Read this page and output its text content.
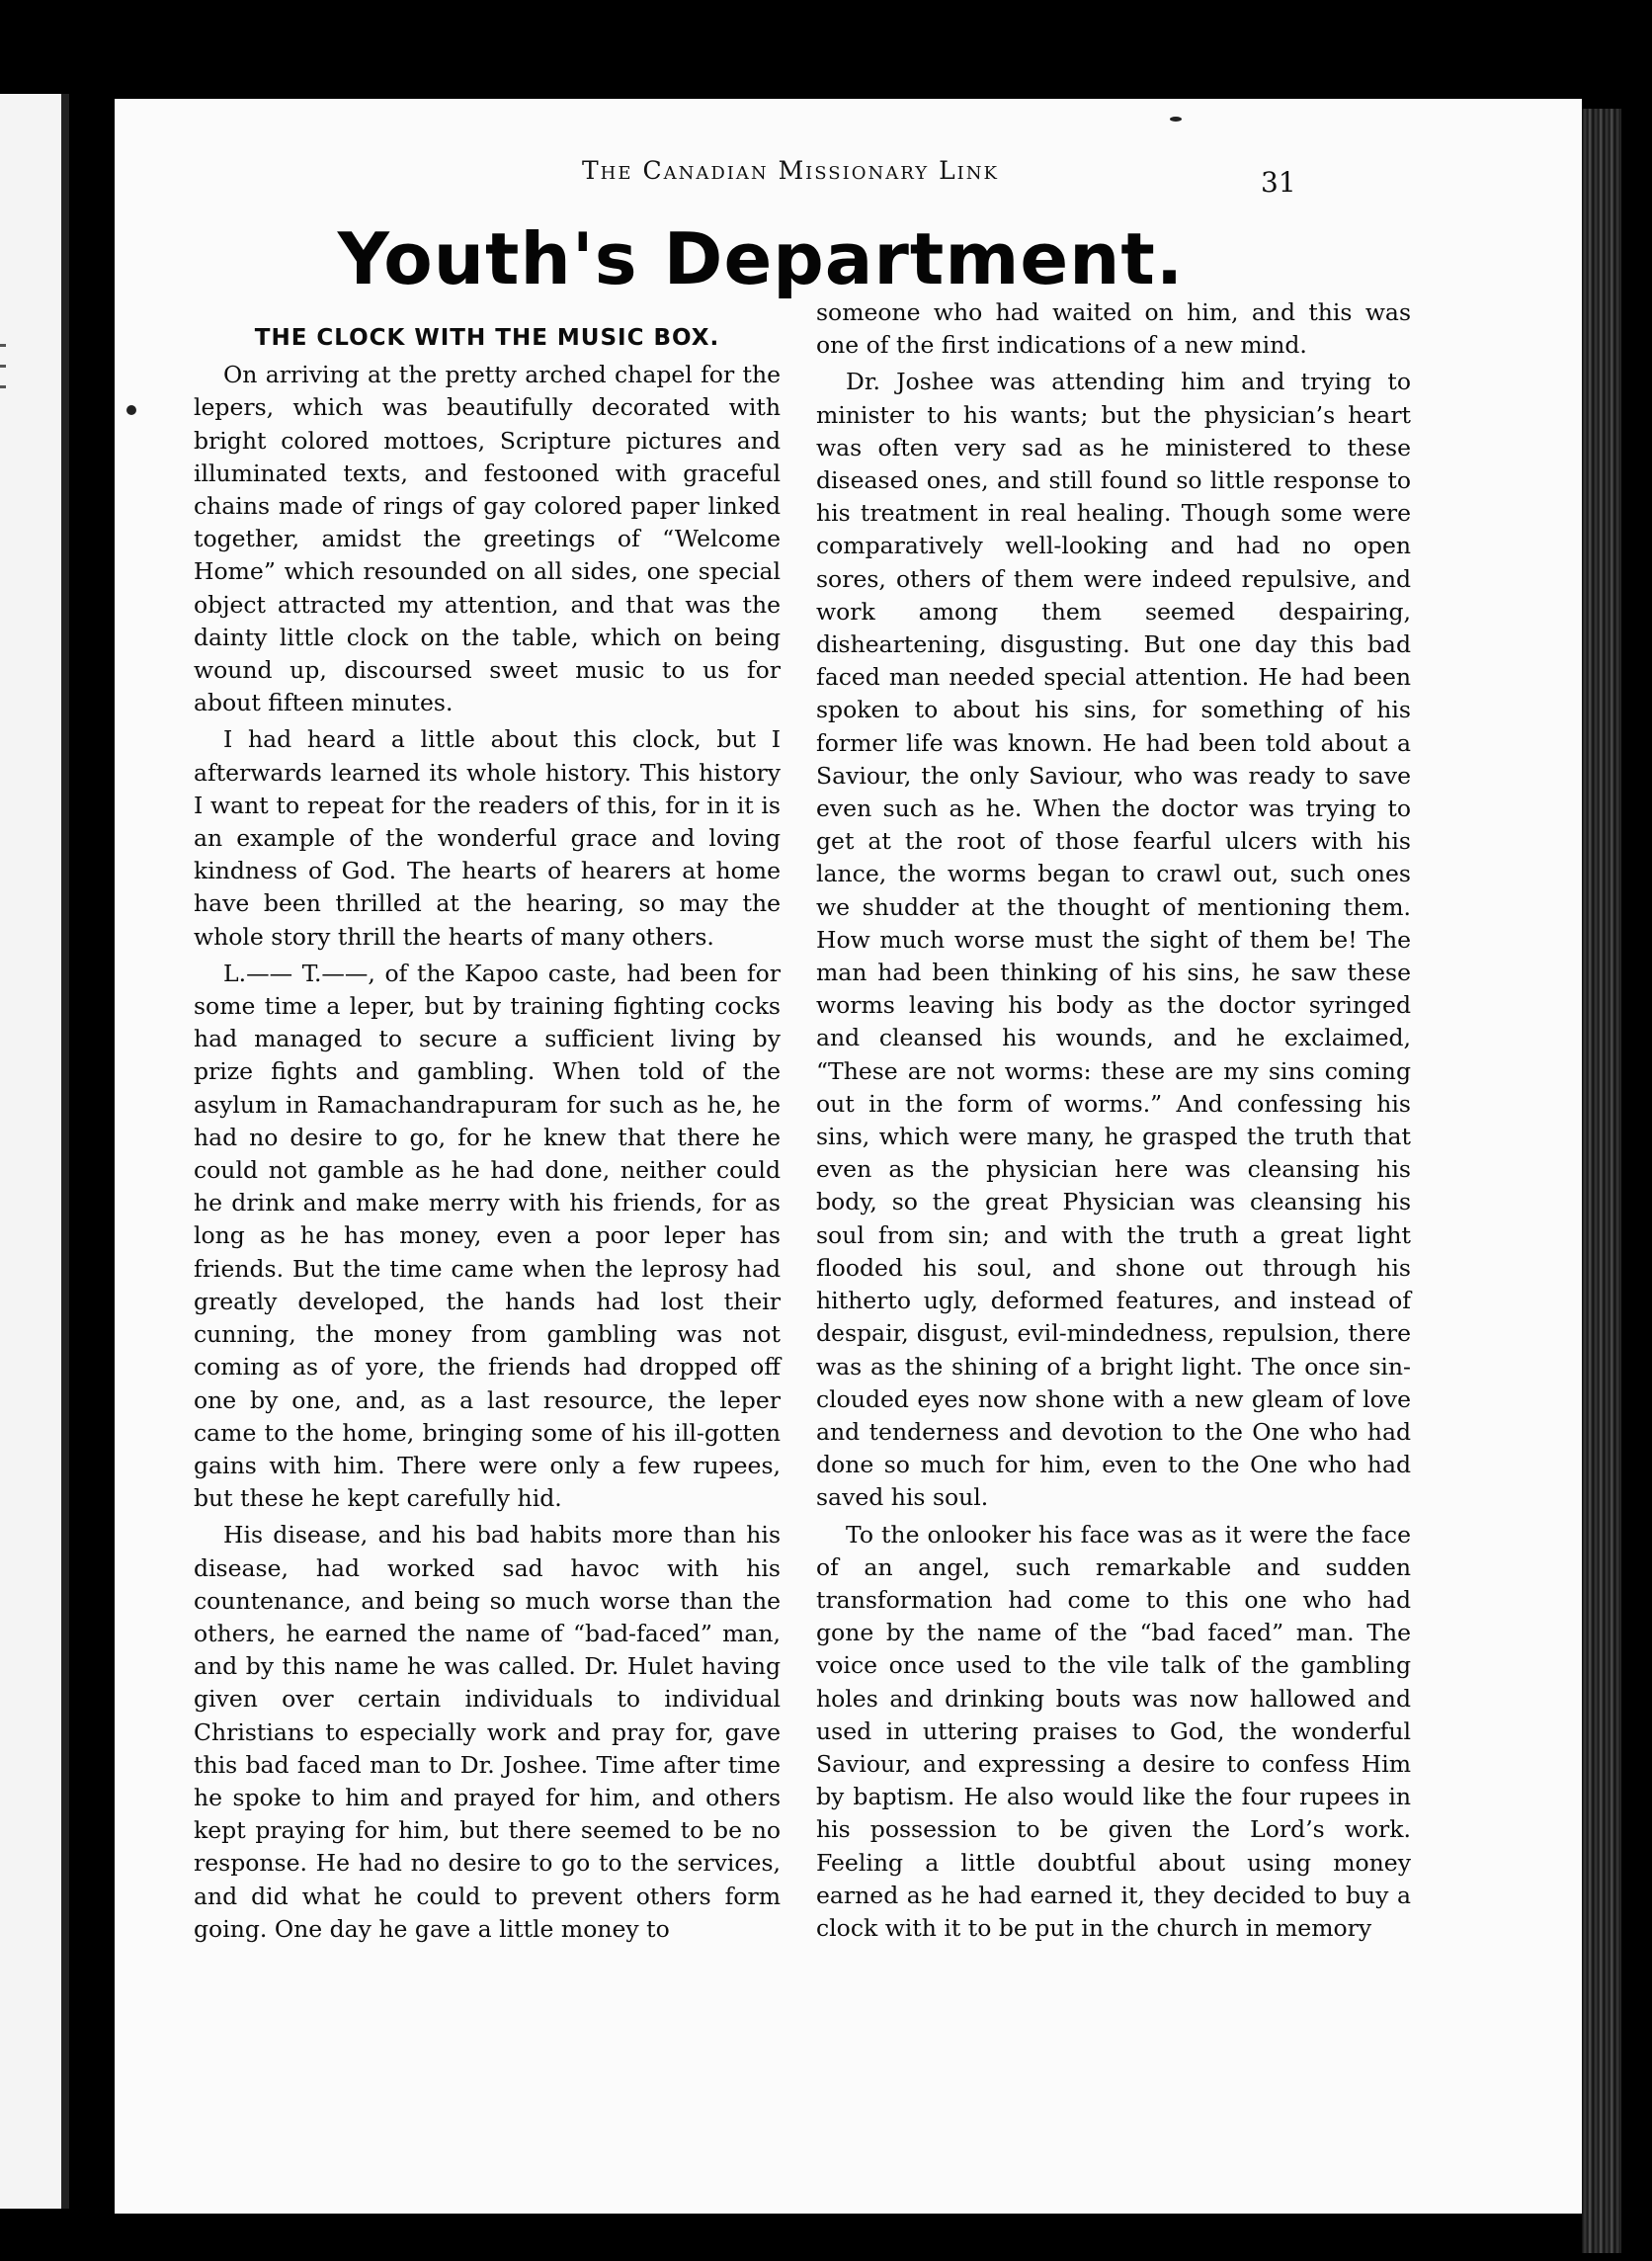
The Canadian Missionary Link	31
Youth's Department.
THE CLOCK WITH THE MUSIC BOX.

On arriving at the pretty arched chapel for the lepers, which was beautifully decorated with bright colored mottoes, Scripture pictures and illuminated texts, and festooned with graceful chains made of rings of gay colored paper linked together, amidst the greetings of “Welcome Home” which resounded on all sides, one special object attracted my attention, and that was the dainty little clock on the table, which on being wound up, discoursed sweet music to us for about fifteen minutes.

I had heard a little about this clock, but I afterwards learned its whole history. This history I want to repeat for the readers of this, for in it is an example of the wonderful grace and loving kindness of God. The hearts of hearers at home have been thrilled at the hearing, so may the whole story thrill the hearts of many others.

L.—— T.——, of the Kapoo caste, had been for some time a leper, but by training fighting cocks had managed to secure a sufficient living by prize fights and gambling. When told of the asylum in Ramachandrapuram for such as he, he had no desire to go, for he knew that there he could not gamble as he had done, neither could he drink and make merry with his friends, for as long as he has money, even a poor leper has friends. But the time came when the leprosy had greatly developed, the hands had lost their cunning, the money from gambling was not coming as of yore, the friends had dropped off one by one, and, as a last resource, the leper came to the home, bringing some of his ill-gotten gains with him. There were only a few rupees, but these he kept carefully hid.

His disease, and his bad habits more than his disease, had worked sad havoc with his countenance, and being so much worse than the others, he earned the name of “bad-faced” man, and by this name he was called. Dr. Hulet having given over certain individuals to individual Christians to especially work and pray for, gave this bad faced man to Dr. Joshee. Time after time he spoke to him and prayed for him, and others kept praying for him, but there seemed to be no response. He had no desire to go to the services, and did what he could to prevent others form going. One day he gave a little money to

someone who had waited on him, and this was one of the first indications of a new mind.

Dr. Joshee was attending him and trying to minister to his wants; but the physician’s heart was often very sad as he ministered to these diseased ones, and still found so little response to his treatment in real healing. Though some were comparatively well-looking and had no open sores, others of them were indeed repulsive, and work among them seemed despairing, disheartening, disgusting. But one day this bad faced man needed special attention. He had been spoken to about his sins, for something of his former life was known. He had been told about a Saviour, the only Saviour, who was ready to save even such as he. When the doctor was trying to get at the root of those fearful ulcers with his lance, the worms began to crawl out, such ones we shudder at the thought of mentioning them. How much worse must the sight of them be! The man had been thinking of his sins, he saw these worms leaving his body as the doctor syringed and cleansed his wounds, and he exclaimed, “These are not worms: these are my sins coming out in the form of worms.” And confessing his sins, which were many, he grasped the truth that even as the physician here was cleansing his body, so the great Physician was cleansing his soul from sin; and with the truth a great light flooded his soul, and shone out through his hitherto ugly, deformed features, and instead of despair, disgust, evil-mindedness, repulsion, there was as the shining of a bright light. The once sin-clouded eyes now shone with a new gleam of love and tenderness and devotion to the One who had done so much for him, even to the One who had saved his soul.

To the onlooker his face was as it were the face of an angel, such remarkable and sudden transformation had come to this one who had gone by the name of the “bad faced” man. The voice once used to the vile talk of the gambling holes and drinking bouts was now hallowed and used in uttering praises to God, the wonderful Saviour, and expressing a desire to confess Him by baptism. He also would like the four rupees in his possession to be given the Lord’s work. Feeling a little doubtful about using money earned as he had earned it, they decided to buy a clock with it to be put in the church in memory
